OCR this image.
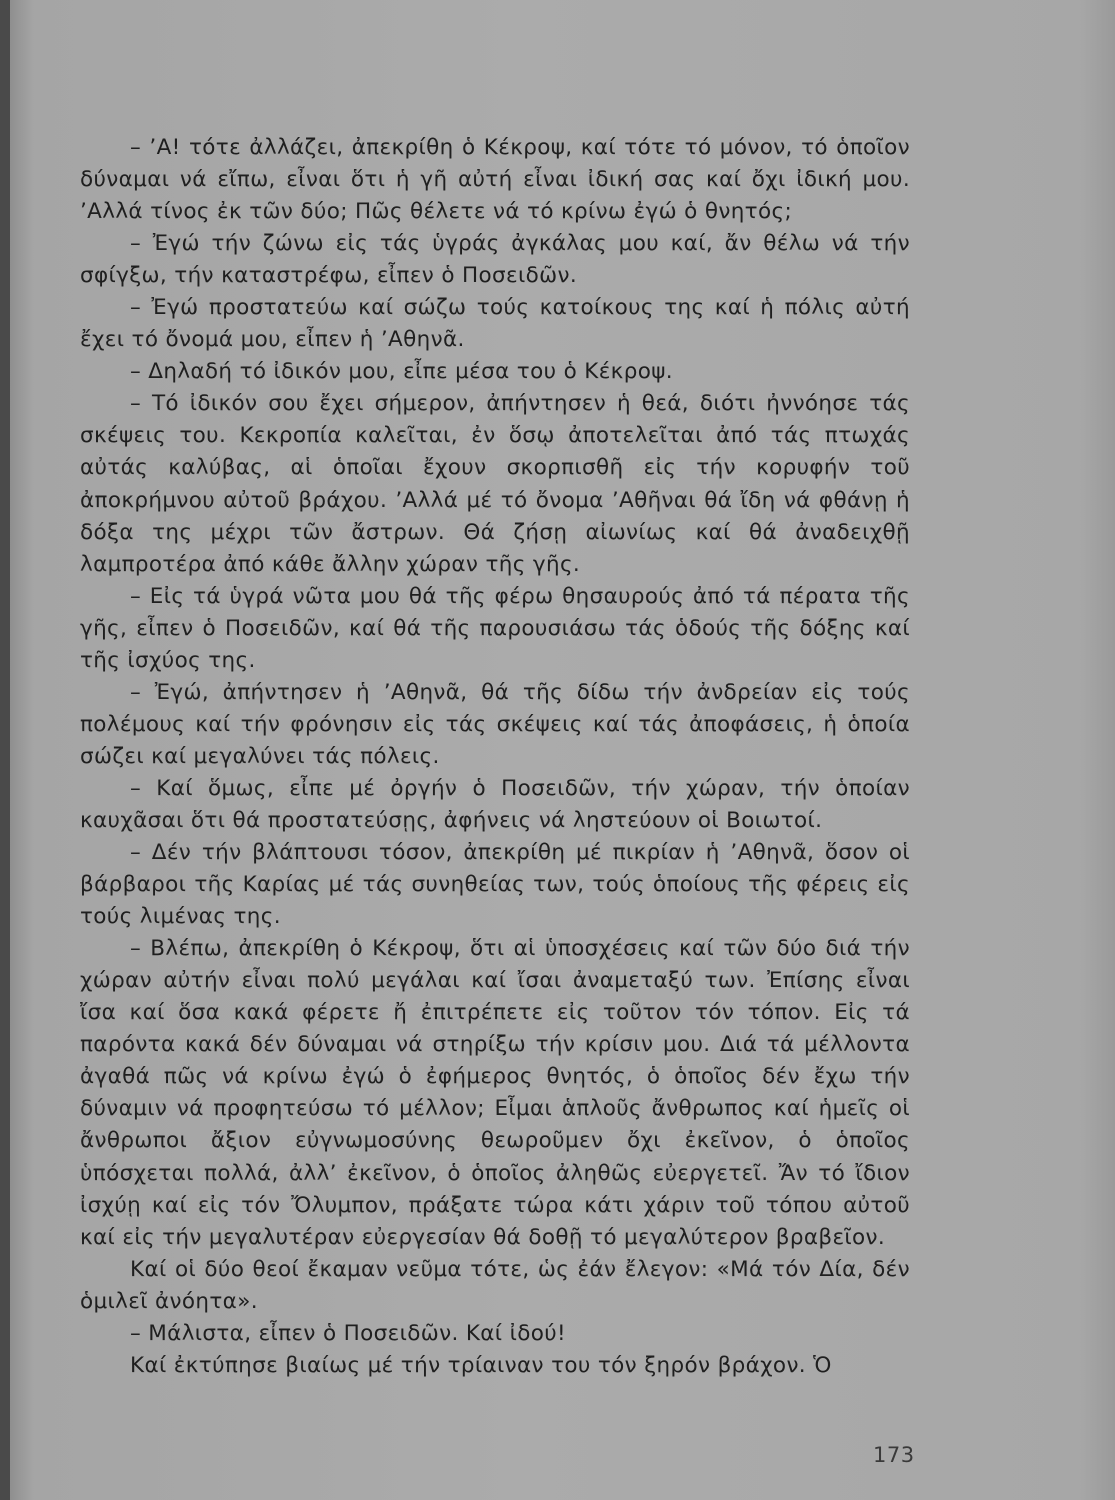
– ’Α! τότε ἀλλάζει, ἀπεκρίθη ὁ Κέκροψ, καί τότε τό μόνον, τό ὁποῖον δύναμαι νά εἴπω, εἶναι ὅτι ἡ γῆ αὐτή εἶναι ἰδική σας καί ὄχι ἰδική μου. ’Αλλά τίνος ἐκ τῶν δύο; Πῶς θέλετε νά τό κρίνω ἐγώ ὁ θνητός;

– Ἐγώ τήν ζώνω εἰς τάς ὑγράς ἀγκάλας μου καί, ἄν θέλω νά τήν σφίγξω, τήν καταστρέφω, εἶπεν ὁ Ποσειδῶν.

– Ἐγώ προστατεύω καί σώζω τούς κατοίκους της καί ἡ πόλις αὐτή ἔχει τό ὄνομά μου, εἶπεν ἡ ’Αθηνᾶ.

– Δηλαδή τό ἰδικόν μου, εἶπε μέσα του ὁ Κέκροψ.

– Τό ἰδικόν σου ἔχει σήμερον, ἀπήντησεν ἡ θεά, διότι ἠννόησε τάς σκέψεις του. Κεκροπία καλεῖται, ἐν ὅσῳ ἀποτελεῖται ἀπό τάς πτωχάς αὐτάς καλύβας, αἱ ὁποῖαι ἔχουν σκορπισθῆ εἰς τήν κορυφήν τοῦ ἀποκρήμνου αὐτοῦ βράχου. ’Αλλά μέ τό ὄνομα ’Αθῆναι θά ἴδη νά φθάνῃ ἡ δόξα της μέχρι τῶν ἄστρων. Θά ζήσῃ αἰωνίως καί θά ἀναδειχθῇ λαμπροτέρα ἀπό κάθε ἄλλην χώραν τῆς γῆς.

– Εἰς τά ὑγρά νῶτα μου θά τῆς φέρω θησαυρούς ἀπό τά πέρατα τῆς γῆς, εἶπεν ὁ Ποσειδῶν, καί θά τῆς παρουσιάσω τάς ὁδούς τῆς δόξης καί τῆς ἰσχύος της.

– Ἐγώ, ἀπήντησεν ἡ ’Αθηνᾶ, θά τῆς δίδω τήν ἀνδρείαν εἰς τούς πολέμους καί τήν φρόνησιν εἰς τάς σκέψεις καί τάς ἀποφάσεις, ἡ ὁποία σώζει καί μεγαλύνει τάς πόλεις.

– Καί ὅμως, εἶπε μέ ὀργήν ὁ Ποσειδῶν, τήν χώραν, τήν ὁποίαν καυχᾶσαι ὅτι θά προστατεύσῃς, ἀφήνεις νά ληστεύουν οἱ Βοιωτοί.

– Δέν τήν βλάπτουσι τόσον, ἀπεκρίθη μέ πικρίαν ἡ ’Αθηνᾶ, ὅσον οἱ βάρβαροι τῆς Καρίας μέ τάς συνηθείας των, τούς ὁποίους τῆς φέρεις εἰς τούς λιμένας της.

– Βλέπω, ἀπεκρίθη ὁ Κέκροψ, ὅτι αἱ ὑποσχέσεις καί τῶν δύο διά τήν χώραν αὐτήν εἶναι πολύ μεγάλαι καί ἴσαι ἀναμεταξύ των. Ἐπίσης εἶναι ἴσα καί ὅσα κακά φέρετε ἤ ἐπιτρέπετε εἰς τοῦτον τόν τόπον. Εἰς τά παρόντα κακά δέν δύναμαι νά στηρίξω τήν κρίσιν μου. Διά τά μέλλοντα ἀγαθά πῶς νά κρίνω ἐγώ ὁ ἐφήμερος θνητός, ὁ ὁποῖος δέν ἔχω τήν δύναμιν νά προφητεύσω τό μέλλον; Εἶμαι ἁπλοῦς ἄνθρωπος καί ἡμεῖς οἱ ἄνθρωποι ἄξιον εὐγνωμοσύνης θεωροῦμεν ὄχι ἐκεῖνον, ὁ ὁποῖος ὑπόσχεται πολλά, ἀλλ’ ἐκεῖνον, ὁ ὁποῖος ἀληθῶς εὐεργετεῖ. Ἄν τό ἴδιον ἰσχύῃ καί εἰς τόν Ὄλυμπον, πράξατε τώρα κάτι χάριν τοῦ τόπου αὐτοῦ καί εἰς τήν μεγαλυτέραν εὐεργεσίαν θά δοθῇ τό μεγαλύτερον βραβεῖον.

Καί οἱ δύο θεοί ἔκαμαν νεῦμα τότε, ὡς ἐάν ἔλεγον: «Μά τόν Δία, δέν ὁμιλεῖ ἀνόητα».

– Μάλιστα, εἶπεν ὁ Ποσειδῶν. Καί ἰδού!

Καί ἐκτύπησε βιαίως μέ τήν τρίαιναν του τόν ξηρόν βράχον. Ὁ

173
